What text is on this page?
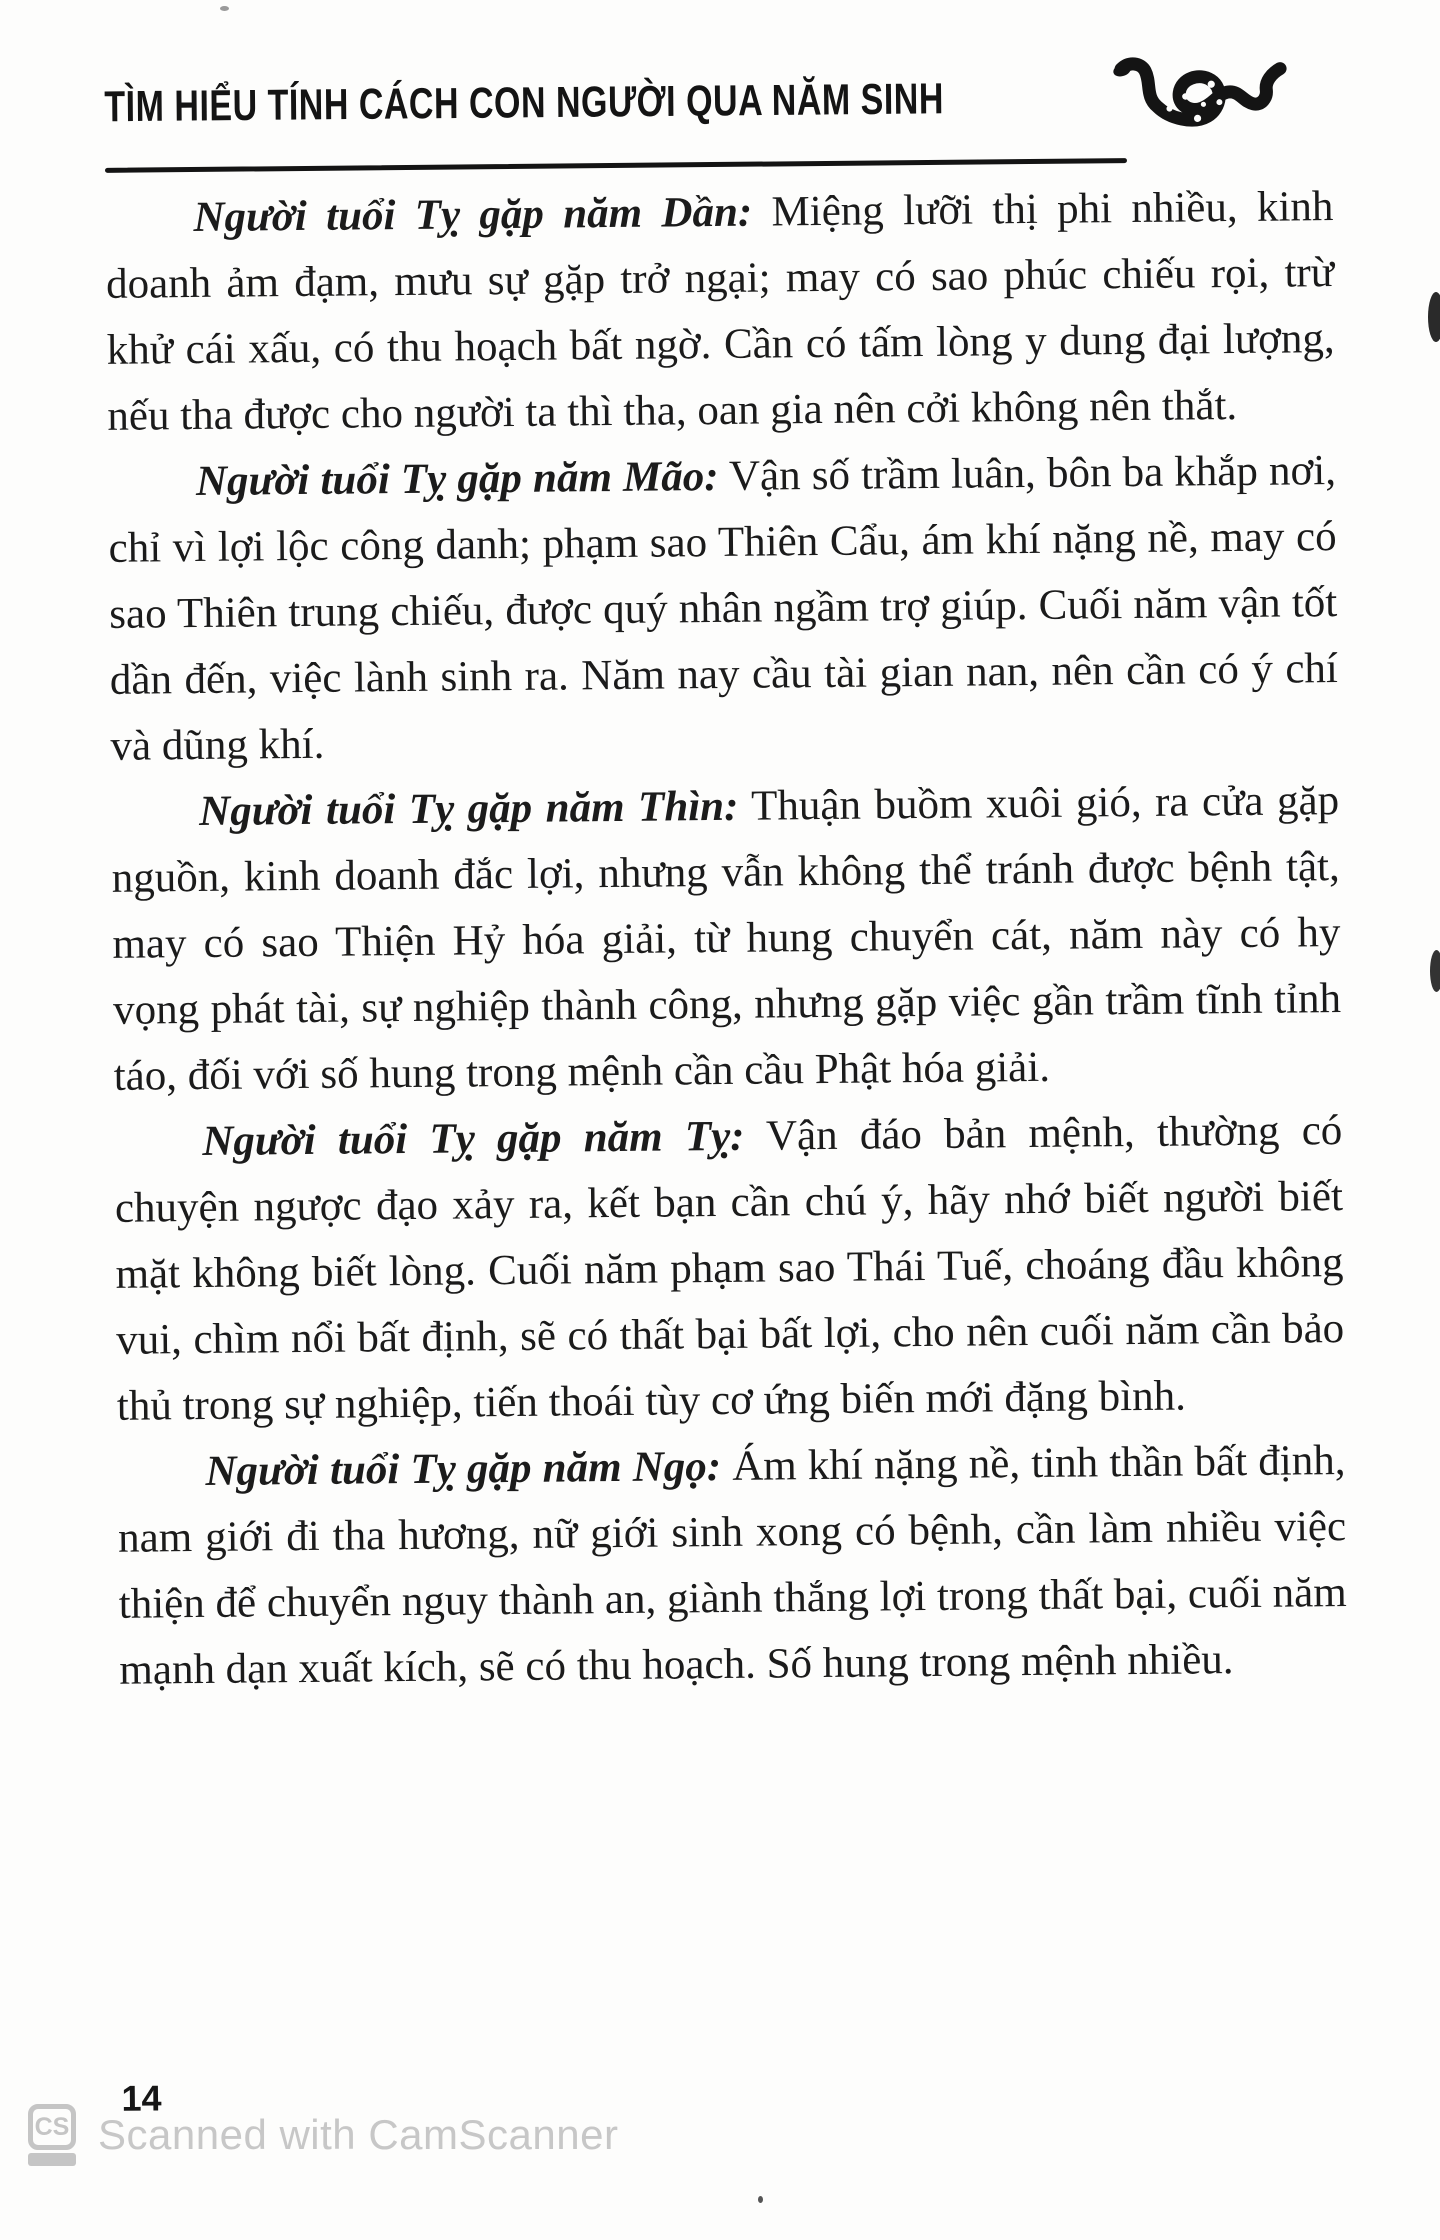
TÌM HIỂU TÍNH CÁCH CON NGƯỜI QUA NĂM SINH

Người tuổi Tỵ gặp năm Dần: Miệng lưỡi thị phi nhiều, kinh doanh ảm đạm, mưu sự gặp trở ngại; may có sao phúc chiếu rọi, trừ khử cái xấu, có thu hoạch bất ngờ. Cần có tấm lòng y dung đại lượng, nếu tha được cho người ta thì tha, oan gia nên cởi không nên thắt.

Người tuổi Tỵ gặp năm Mão: Vận số trầm luân, bôn ba khắp nơi, chỉ vì lợi lộc công danh; phạm sao Thiên Cẩu, ám khí nặng nề, may có sao Thiên trung chiếu, được quý nhân ngầm trợ giúp. Cuối năm vận tốt dần đến, việc lành sinh ra. Năm nay cầu tài gian nan, nên cần có ý chí và dũng khí.

Người tuổi Tỵ gặp năm Thìn: Thuận buồm xuôi gió, ra cửa gặp nguồn, kinh doanh đắc lợi, nhưng vẫn không thể tránh được bệnh tật, may có sao Thiện Hỷ hóa giải, từ hung chuyển cát, năm này có hy vọng phát tài, sự nghiệp thành công, nhưng gặp việc gần trầm tĩnh tỉnh táo, đối với số hung trong mệnh cần cầu Phật hóa giải.

Người tuổi Tỵ gặp năm Tỵ: Vận đáo bản mệnh, thường có chuyện ngược đạo xảy ra, kết bạn cần chú ý, hãy nhớ biết người biết mặt không biết lòng. Cuối năm phạm sao Thái Tuế, choáng đầu không vui, chìm nổi bất định, sẽ có thất bại bất lợi, cho nên cuối năm cần bảo thủ trong sự nghiệp, tiến thoái tùy cơ ứng biến mới đặng bình.

Người tuổi Tỵ gặp năm Ngọ: Ám khí nặng nề, tinh thần bất định, nam giới đi tha hương, nữ giới sinh xong có bệnh, cần làm nhiều việc thiện để chuyển nguy thành an, giành thắng lợi trong thất bại, cuối năm mạnh dạn xuất kích, sẽ có thu hoạch. Số hung trong mệnh nhiều.

14
CS Scanned with CamScanner
